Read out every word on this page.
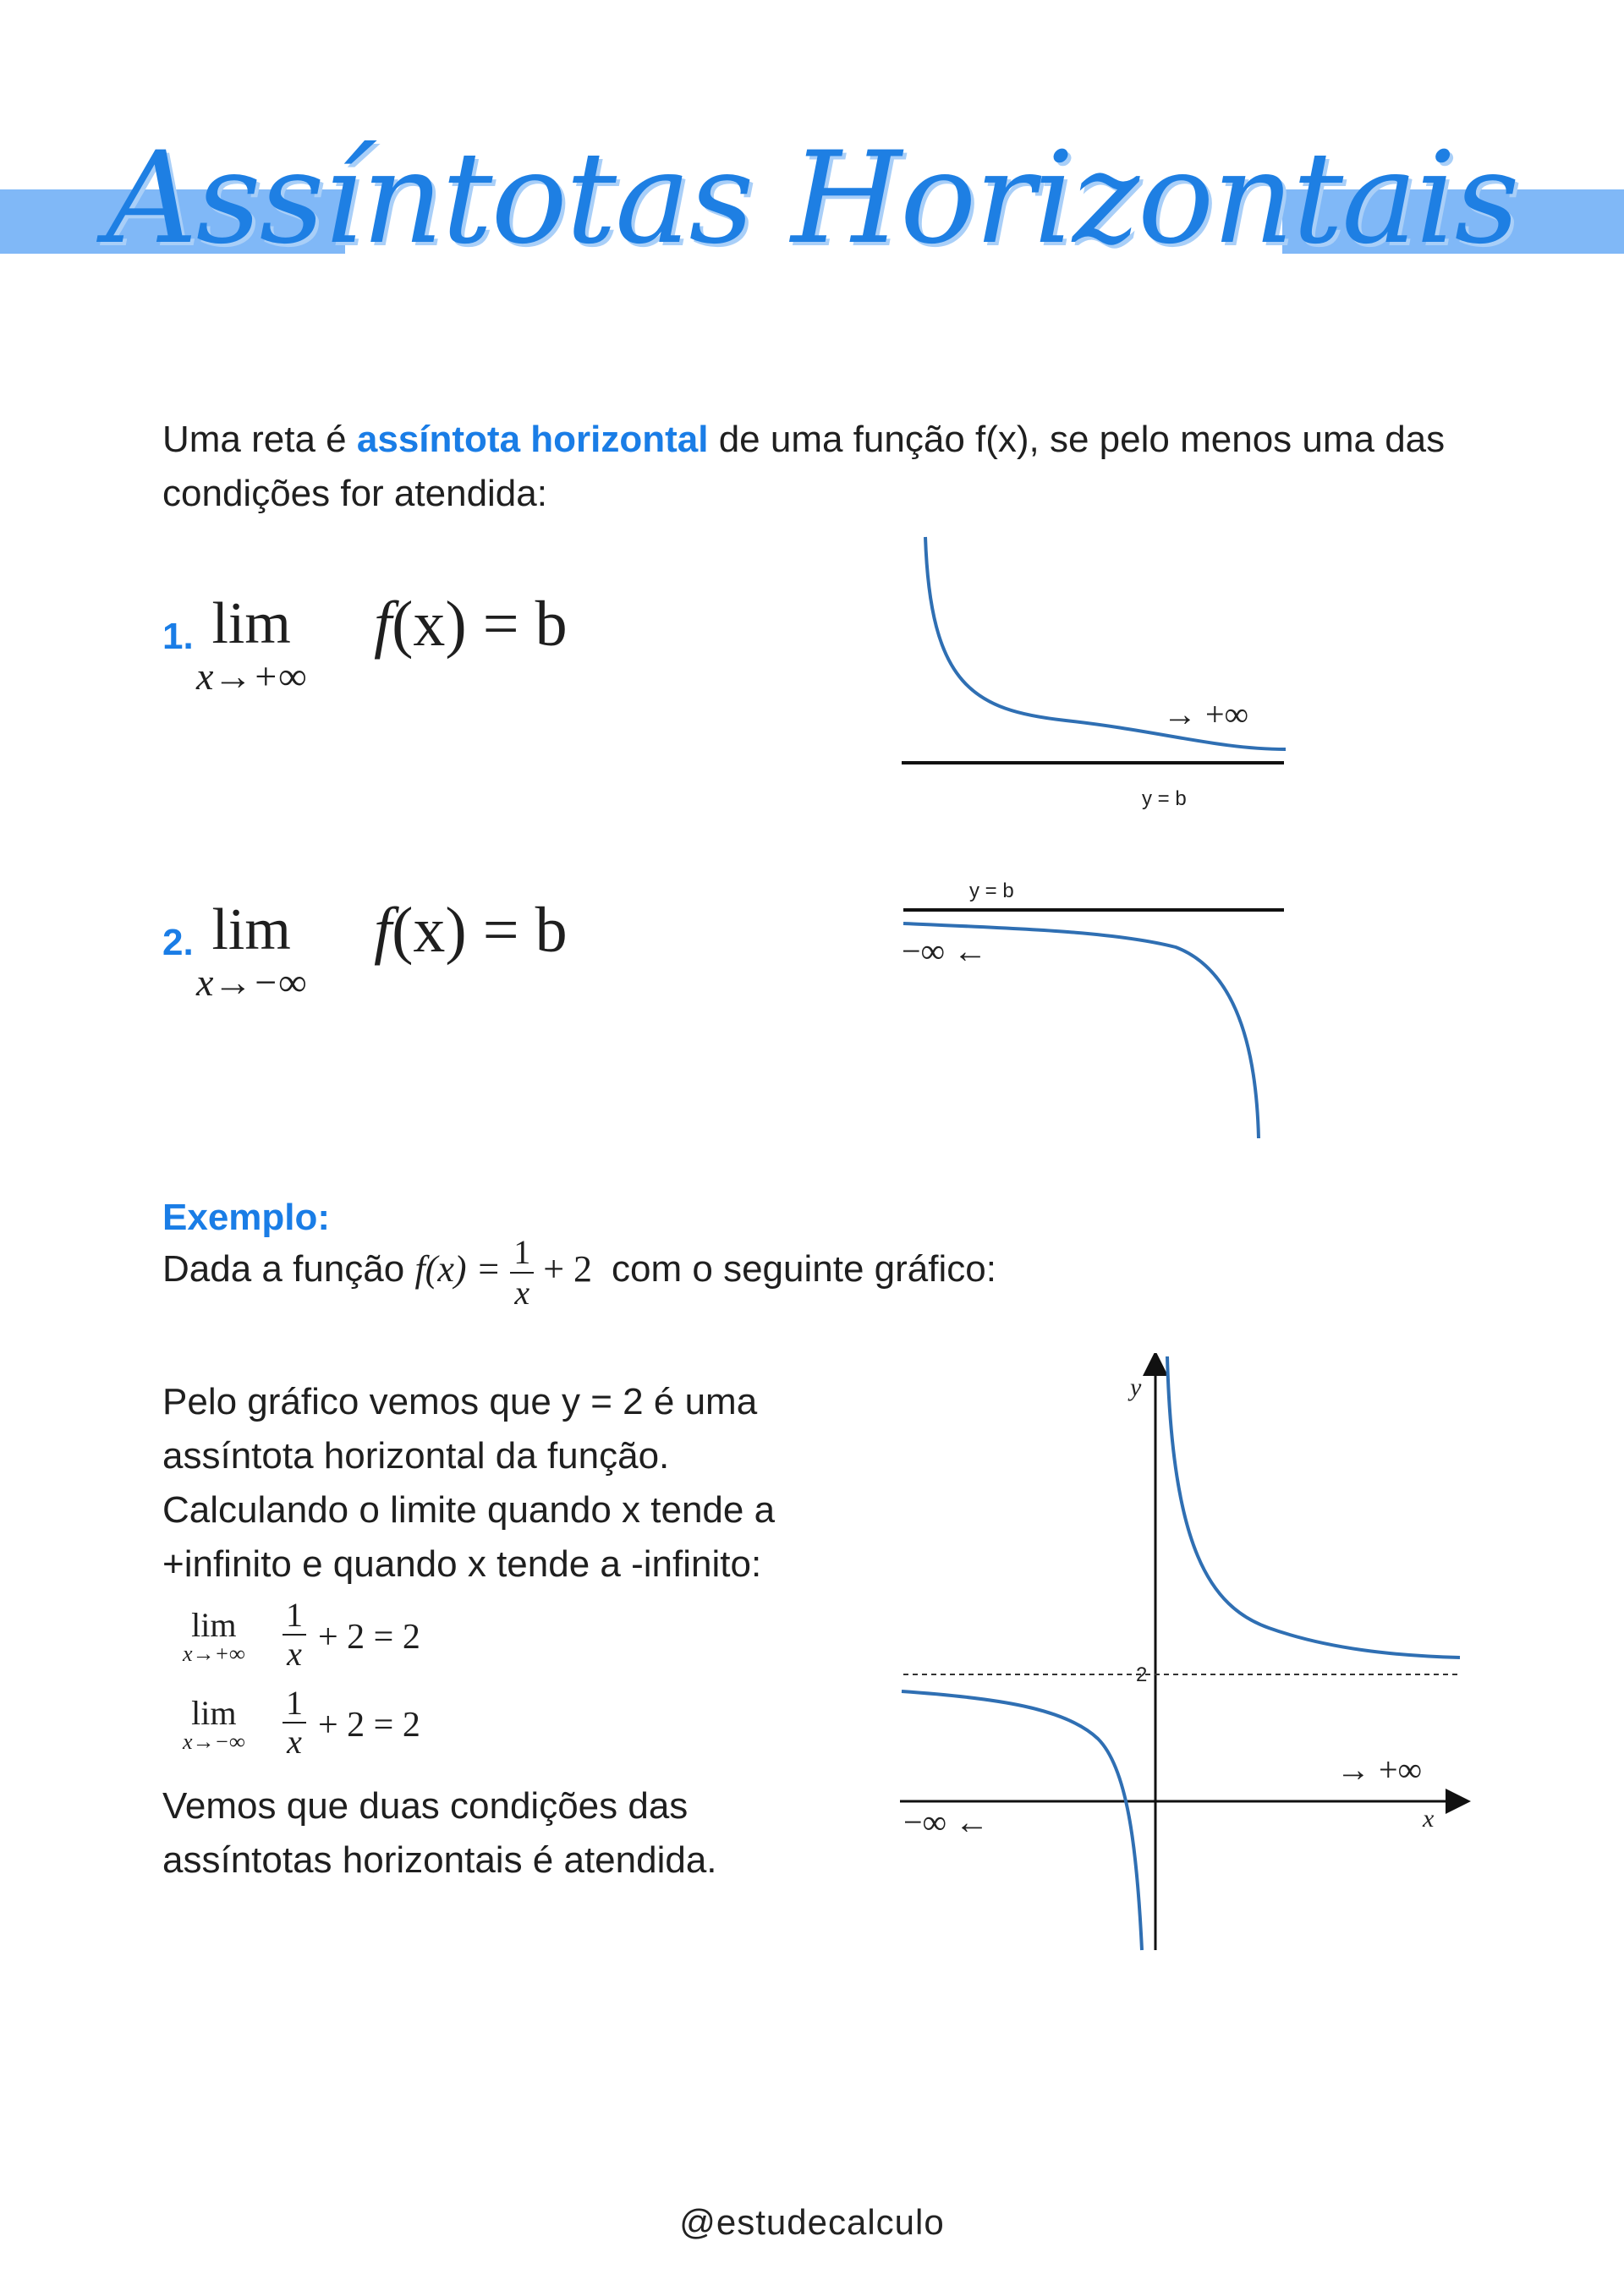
Assíntotas Horizontais
Uma reta é assíntota horizontal de uma função f(x), se pelo menos uma das condições for atendida:
1. lim
x→+∞
f(x) = b
→ +∞
y = b
2. lim
x→−∞
f(x) = b
y = b
−∞ ←
Exemplo:
Dada a função $f(x) = \frac{1}{x} + 2$ com o seguinte gráfico:
Pelo gráfico vemos que y = 2 é uma assíntota horizontal da função. Calculando o limite quando x tende a +infinito e quando x tende a -infinito:
lim
$x\to+\infty \frac{1}{x} + 2 = 2$
lim
$x\to-\infty \frac{1}{x} + 2 = 2$
Vemos que duas condições das assíntotas horizontais é atendida.
2
y
x
→ +∞
−∞ ←
@estudecalculo
